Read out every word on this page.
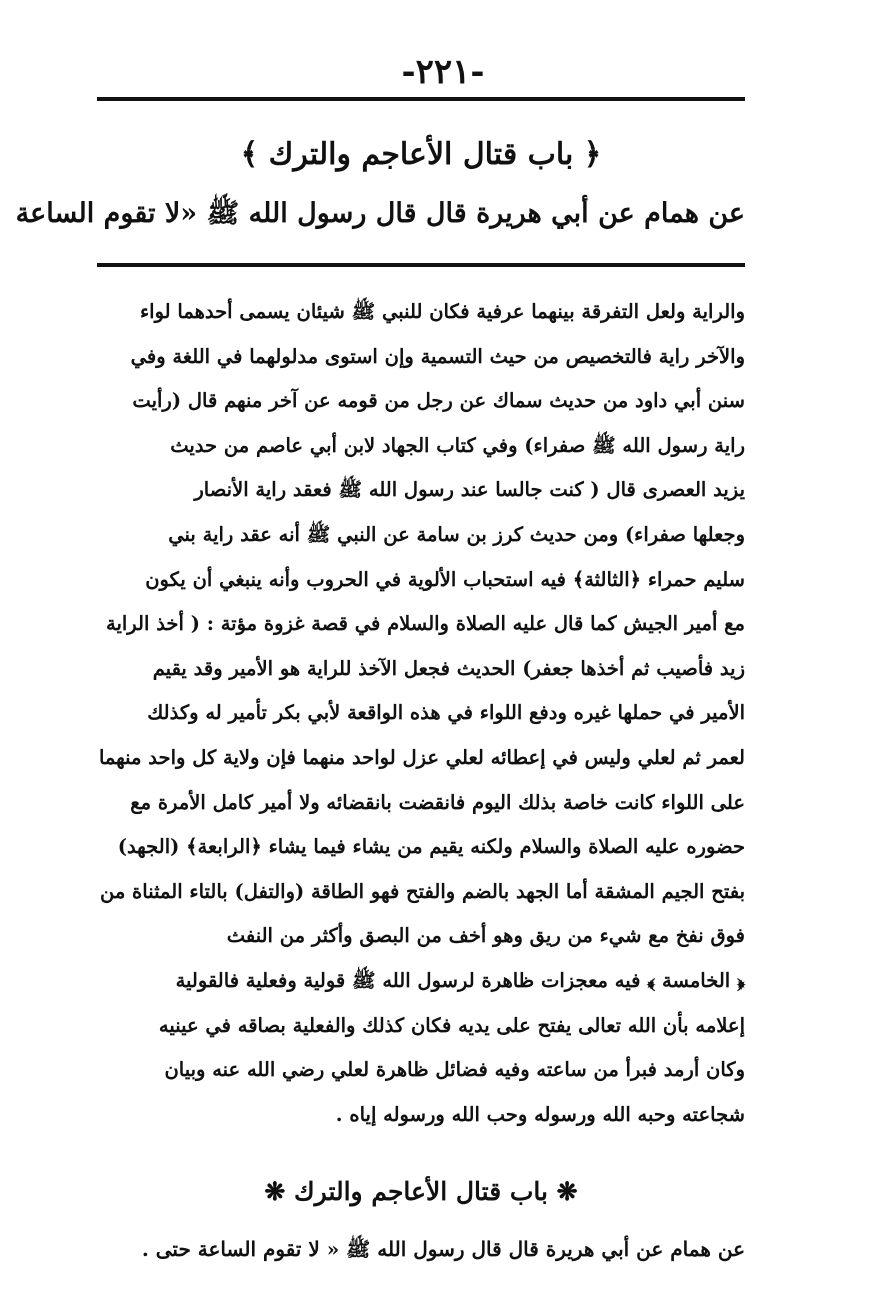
-٢٢١-
﴿ باب قتال الأعاجم والترك ﴾
عن همام عن أبي هريرة قال قال رسول الله ﷺ «لا تقوم الساعة
والراية ولعل التفرقة بينهما عرفية فكان للنبي ﷺ شيئان يسمى أحدهما لواء
والآخر راية فالتخصيص من حيث التسمية وإن استوى مدلولهما في اللغة وفي
سنن أبي داود من حديث سماك عن رجل من قومه عن آخر منهم قال (رأيت
راية رسول الله ﷺ صفراء) وفي كتاب الجهاد لابن أبي عاصم من حديث
يزيد العصرى قال ( كنت جالسا عند رسول الله ﷺ فعقد راية الأنصار
وجعلها صفراء) ومن حديث كرز بن سامة عن النبي ﷺ أنه عقد راية بني
سليم حمراء ﴿الثالثة﴾ فيه استحباب الألوية في الحروب وأنه ينبغي أن يكون
مع أمير الجيش كما قال عليه الصلاة والسلام في قصة غزوة مؤتة : ( أخذ الراية
زيد فأصيب ثم أخذها جعفر) الحديث فجعل الآخذ للراية هو الأمير وقد يقيم
الأمير في حملها غيره ودفع اللواء في هذه الواقعة لأبي بكر تأمير له وكذلك
لعمر ثم لعلي وليس في إعطائه لعلي عزل لواحد منهما فإن ولاية كل واحد منهما
على اللواء كانت خاصة بذلك اليوم فانقضت بانقضائه ولا أمير كامل الأمرة مع
حضوره عليه الصلاة والسلام ولكنه يقيم من يشاء فيما يشاء ﴿الرابعة﴾ (الجهد)
بفتح الجيم المشقة أما الجهد بالضم والفتح فهو الطاقة (والتفل) بالتاء المثناة من
فوق نفخ مع شيء من ريق وهو أخف من البصق وأكثر من النفث
﴿ الخامسة ﴾ فيه معجزات ظاهرة لرسول الله ﷺ قولية وفعلية فالقولية
إعلامه بأن الله تعالى يفتح على يديه فكان كذلك والفعلية بصاقه في عينيه
وكان أرمد فبرأ من ساعته وفيه فضائل ظاهرة لعلي رضي الله عنه وبيان
شجاعته وحبه الله ورسوله وحب الله ورسوله إياه .
❋ باب قتال الأعاجم والترك ❋
عن همام عن أبي هريرة قال قال رسول الله ﷺ « لا تقوم الساعة حتى .
